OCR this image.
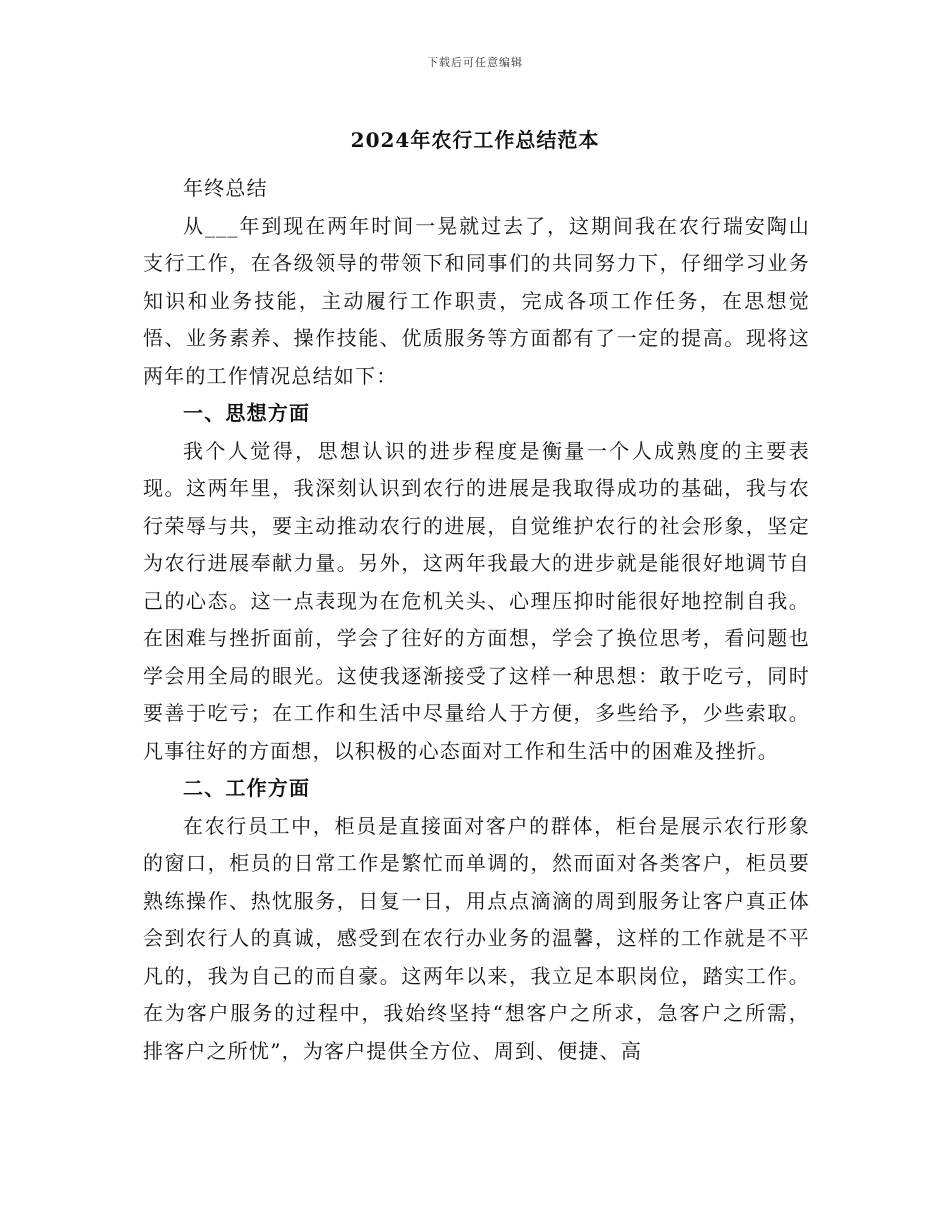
下载后可任意编辑
2024年农行工作总结范本

年终总结

从___年到现在两年时间一晃就过去了，这期间我在农行瑞安陶山支行工作，在各级领导的带领下和同事们的共同努力下，仔细学习业务知识和业务技能，主动履行工作职责，完成各项工作任务，在思想觉悟、业务素养、操作技能、优质服务等方面都有了一定的提高。现将这两年的工作情况总结如下：

一、思想方面

我个人觉得，思想认识的进步程度是衡量一个人成熟度的主要表现。这两年里，我深刻认识到农行的进展是我取得成功的基础，我与农行荣辱与共，要主动推动农行的进展，自觉维护农行的社会形象，坚定为农行进展奉献力量。另外，这两年我最大的进步就是能很好地调节自己的心态。这一点表现为在危机关头、心理压抑时能很好地控制自我。在困难与挫折面前，学会了往好的方面想，学会了换位思考，看问题也学会用全局的眼光。这使我逐渐接受了这样一种思想：敢于吃亏，同时要善于吃亏；在工作和生活中尽量给人于方便，多些给予，少些索取。凡事往好的方面想，以积极的心态面对工作和生活中的困难及挫折。

二、工作方面

在农行员工中，柜员是直接面对客户的群体，柜台是展示农行形象的窗口，柜员的日常工作是繁忙而单调的，然而面对各类客户，柜员要熟练操作、热忱服务，日复一日，用点点滴滴的周到服务让客户真正体会到农行人的真诚，感受到在农行办业务的温馨，这样的工作就是不平凡的，我为自己的而自豪。这两年以来，我立足本职岗位，踏实工作。在为客户服务的过程中，我始终坚持“想客户之所求，急客户之所需，排客户之所忧”，为客户提供全方位、周到、便捷、高
